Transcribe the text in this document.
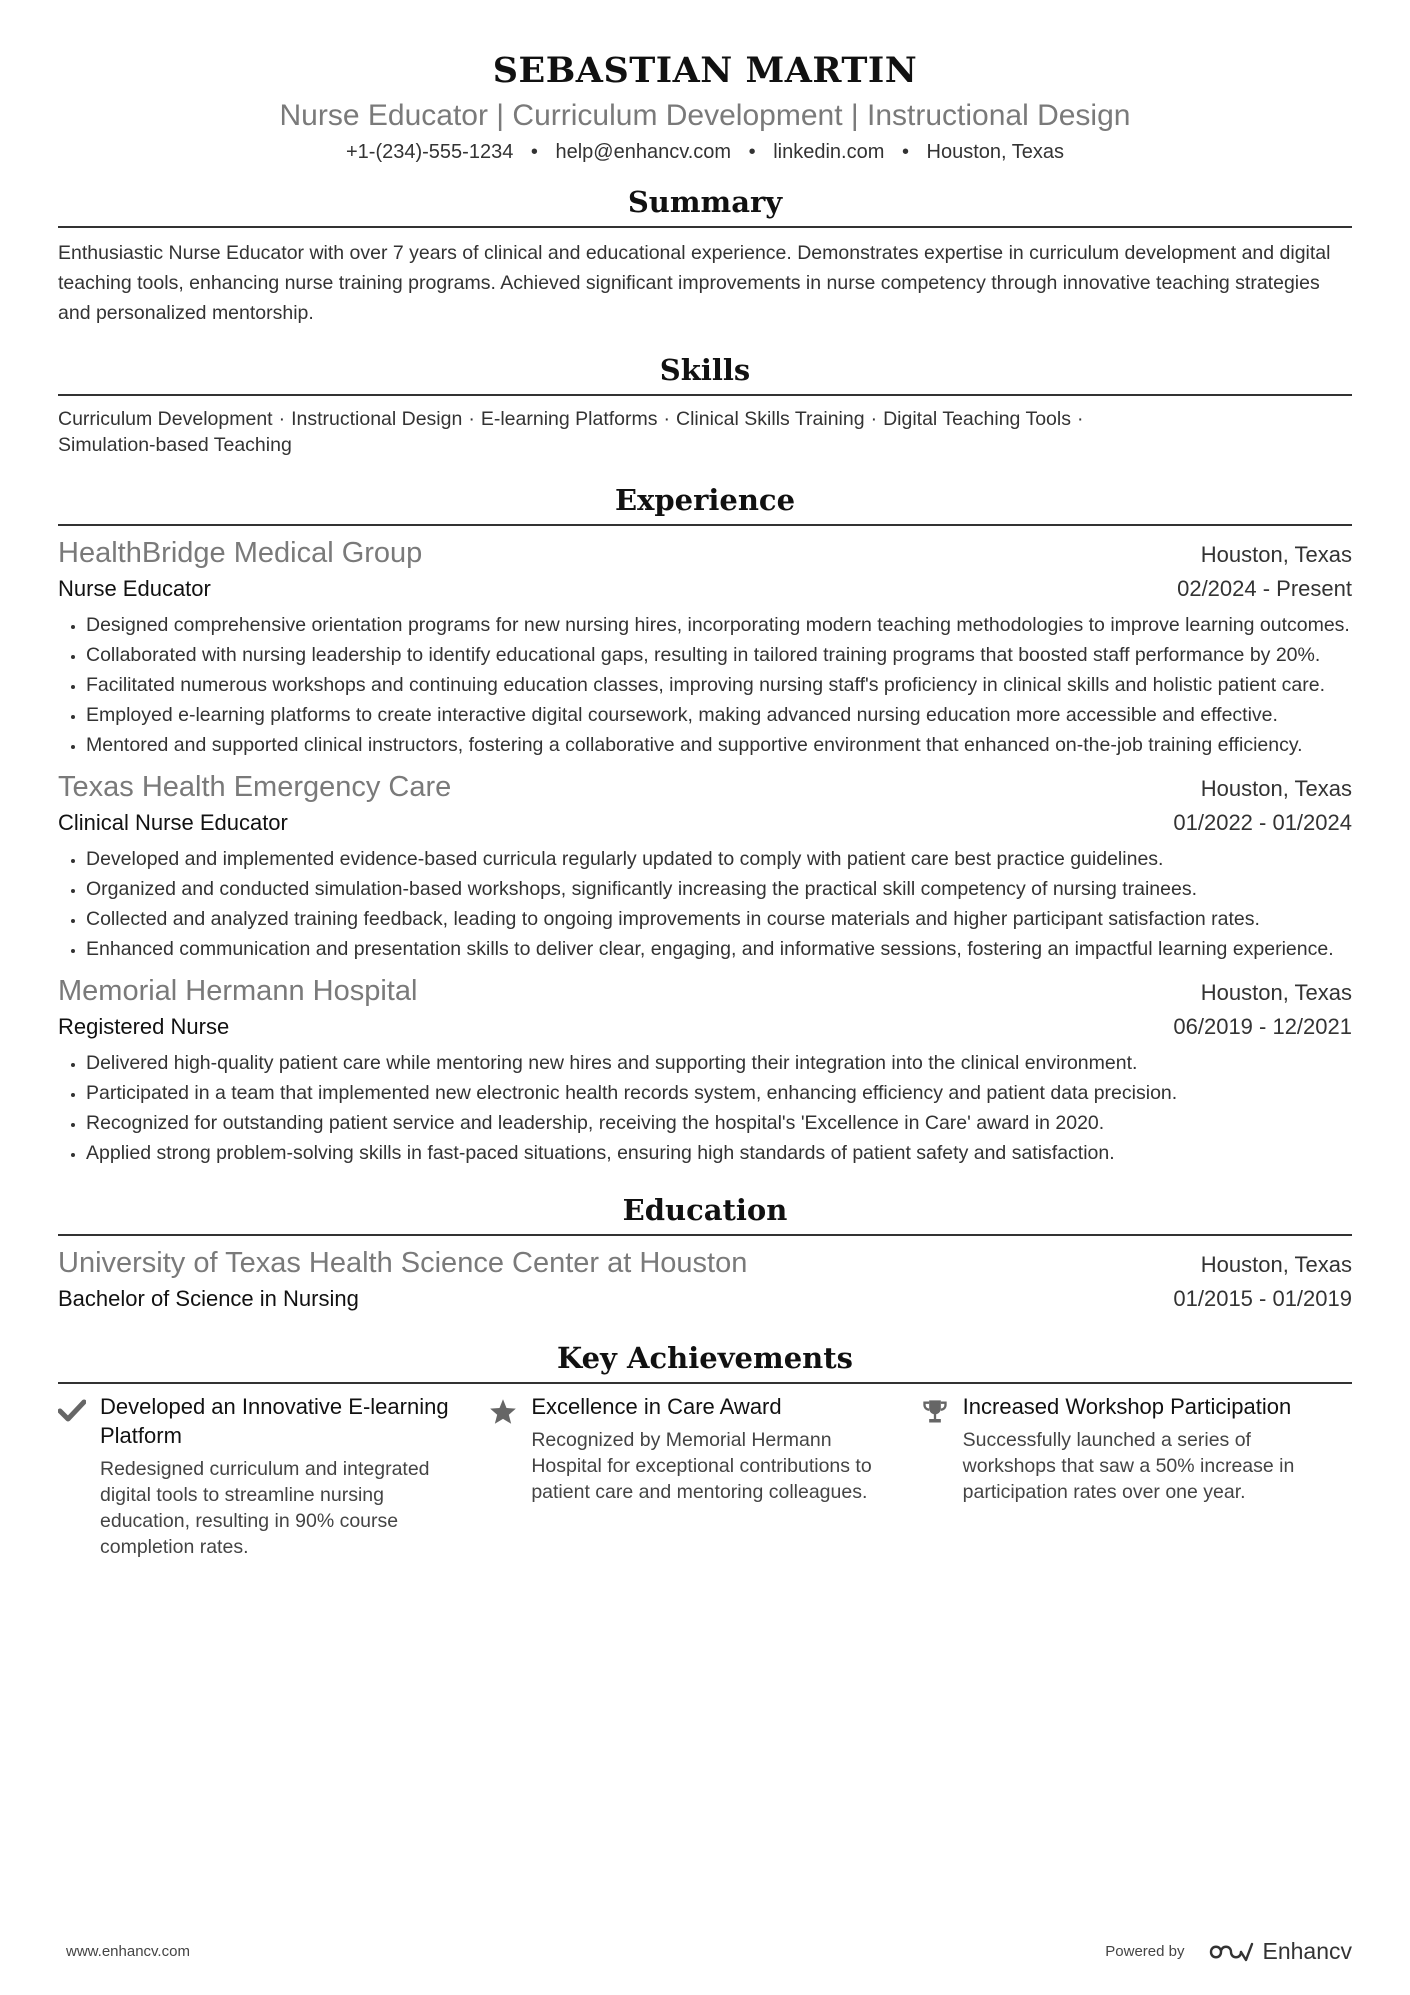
SEBASTIAN MARTIN
Nurse Educator | Curriculum Development | Instructional Design
+1-(234)-555-1234 • help@enhancv.com • linkedin.com • Houston, Texas
Summary
Enthusiastic Nurse Educator with over 7 years of clinical and educational experience. Demonstrates expertise in curriculum development and digital teaching tools, enhancing nurse training programs. Achieved significant improvements in nurse competency through innovative teaching strategies and personalized mentorship.
Skills
Curriculum Development · Instructional Design · E-learning Platforms · Clinical Skills Training · Digital Teaching Tools ·
Simulation-based Teaching
Experience
HealthBridge Medical Group	Houston, Texas
Nurse Educator	02/2024 - Present
• Designed comprehensive orientation programs for new nursing hires, incorporating modern teaching methodologies to improve learning outcomes.
• Collaborated with nursing leadership to identify educational gaps, resulting in tailored training programs that boosted staff performance by 20%.
• Facilitated numerous workshops and continuing education classes, improving nursing staff's proficiency in clinical skills and holistic patient care.
• Employed e-learning platforms to create interactive digital coursework, making advanced nursing education more accessible and effective.
• Mentored and supported clinical instructors, fostering a collaborative and supportive environment that enhanced on-the-job training efficiency.
Texas Health Emergency Care	Houston, Texas
Clinical Nurse Educator	01/2022 - 01/2024
• Developed and implemented evidence-based curricula regularly updated to comply with patient care best practice guidelines.
• Organized and conducted simulation-based workshops, significantly increasing the practical skill competency of nursing trainees.
• Collected and analyzed training feedback, leading to ongoing improvements in course materials and higher participant satisfaction rates.
• Enhanced communication and presentation skills to deliver clear, engaging, and informative sessions, fostering an impactful learning experience.
Memorial Hermann Hospital	Houston, Texas
Registered Nurse	06/2019 - 12/2021
• Delivered high-quality patient care while mentoring new hires and supporting their integration into the clinical environment.
• Participated in a team that implemented new electronic health records system, enhancing efficiency and patient data precision.
• Recognized for outstanding patient service and leadership, receiving the hospital's 'Excellence in Care' award in 2020.
• Applied strong problem-solving skills in fast-paced situations, ensuring high standards of patient safety and satisfaction.
Education
University of Texas Health Science Center at Houston	Houston, Texas
Bachelor of Science in Nursing	01/2015 - 01/2019
Key Achievements
Developed an Innovative E-learning Platform
Redesigned curriculum and integrated digital tools to streamline nursing education, resulting in 90% course completion rates.
Excellence in Care Award
Recognized by Memorial Hermann Hospital for exceptional contributions to patient care and mentoring colleagues.
Increased Workshop Participation
Successfully launched a series of workshops that saw a 50% increase in participation rates over one year.
www.enhancv.com	Powered by	Enhancv
